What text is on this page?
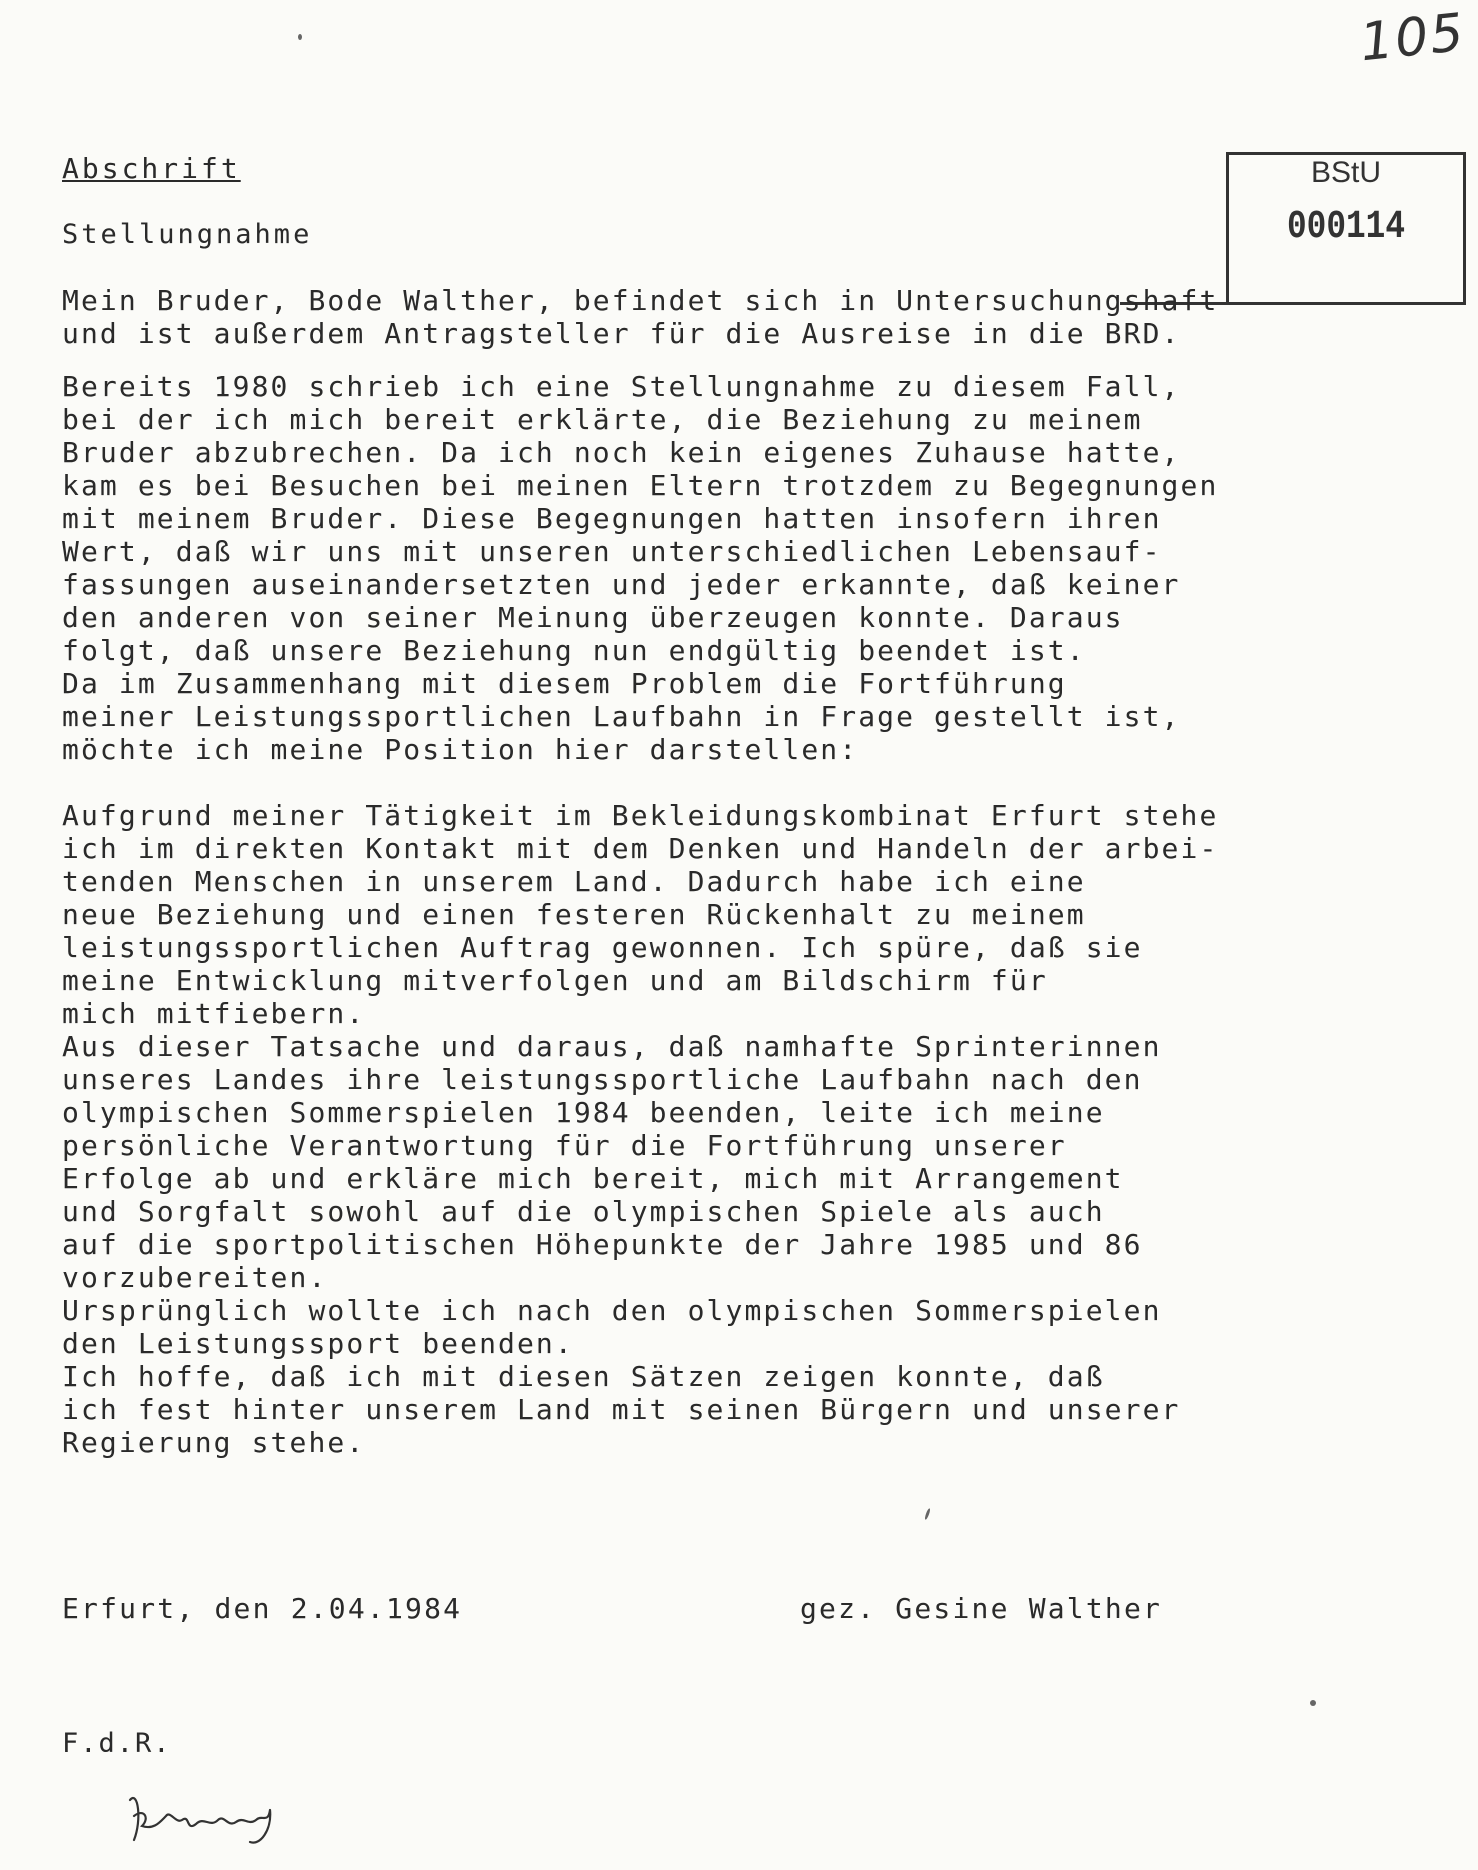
105
BStU
000114
Abschrift
Stellungnahme
Mein Bruder, Bode Walther, befindet sich in Untersuchungshaft
und ist außerdem Antragsteller für die Ausreise in die BRD.
Bereits 1980 schrieb ich eine Stellungnahme zu diesem Fall,
bei der ich mich bereit erklärte, die Beziehung zu meinem
Bruder abzubrechen. Da ich noch kein eigenes Zuhause hatte,
kam es bei Besuchen bei meinen Eltern trotzdem zu Begegnungen
mit meinem Bruder. Diese Begegnungen hatten insofern ihren
Wert, daß wir uns mit unseren unterschiedlichen Lebensauf-
fassungen auseinandersetzten und jeder erkannte, daß keiner
den anderen von seiner Meinung überzeugen konnte. Daraus
folgt, daß unsere Beziehung nun endgültig beendet ist.
Da im Zusammenhang mit diesem Problem die Fortführung
meiner Leistungssportlichen Laufbahn in Frage gestellt ist,
möchte ich meine Position hier darstellen:
Aufgrund meiner Tätigkeit im Bekleidungskombinat Erfurt stehe
ich im direkten Kontakt mit dem Denken und Handeln der arbei-
tenden Menschen in unserem Land. Dadurch habe ich eine
neue Beziehung und einen festeren Rückenhalt zu meinem
leistungssportlichen Auftrag gewonnen. Ich spüre, daß sie
meine Entwicklung mitverfolgen und am Bildschirm für
mich mitfiebern.
Aus dieser Tatsache und daraus, daß namhafte Sprinterinnen
unseres Landes ihre leistungssportliche Laufbahn nach den
olympischen Sommerspielen 1984 beenden, leite ich meine
persönliche Verantwortung für die Fortführung unserer
Erfolge ab und erkläre mich bereit, mich mit Arrangement
und Sorgfalt sowohl auf die olympischen Spiele als auch
auf die sportpolitischen Höhepunkte der Jahre 1985 und 86
vorzubereiten.
Ursprünglich wollte ich nach den olympischen Sommerspielen
den Leistungssport beenden.
Ich hoffe, daß ich mit diesen Sätzen zeigen konnte, daß
ich fest hinter unserem Land mit seinen Bürgern und unserer
Regierung stehe.
Erfurt, den 2.04.1984	gez. Gesine Walther
F.d.R.
